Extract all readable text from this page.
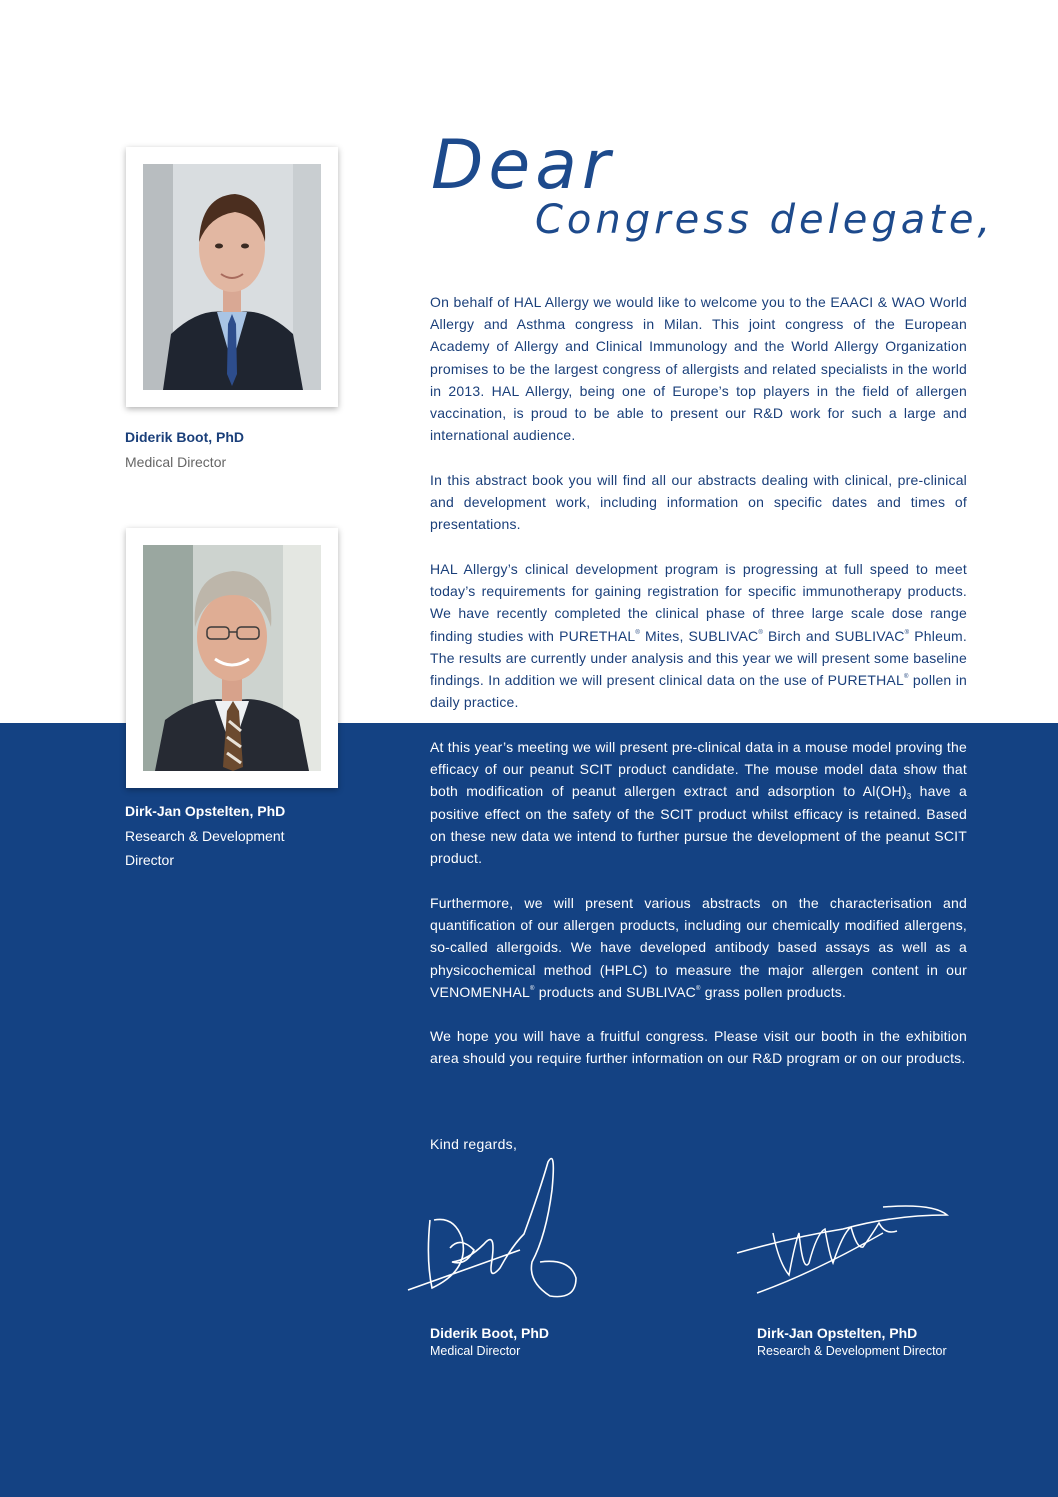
Diderik Boot, PhD
Medical Director
Dirk-Jan Opstelten, PhD
Research & Development
Director
Dear
Congress delegate,

On behalf of HAL Allergy we would like to welcome you to the EAACI & WAO World Allergy and Asthma congress in Milan. This joint congress of the European Academy of Allergy and Clinical Immunology and the World Allergy Organization promises to be the largest congress of allergists and related specialists in the world in 2013. HAL Allergy, being one of Europe’s top players in the field of allergen vaccination, is proud to be able to present our R&D work for such a large and international audience.

In this abstract book you will find all our abstracts dealing with clinical, pre-clinical and development work, including information on specific dates and times of presentations.

HAL Allergy’s clinical development program is progressing at full speed to meet today’s requirements for gaining registration for specific immunotherapy products. We have recently completed the clinical phase of three large scale dose range finding studies with PURETHAL® Mites, SUBLIVAC® Birch and SUBLIVAC® Phleum. The results are currently under analysis and this year we will present some baseline findings. In addition we will present clinical data on the use of PURETHAL® pollen in daily practice.

At this year’s meeting we will present pre-clinical data in a mouse model proving the efficacy of our peanut SCIT product candidate. The mouse model data show that both modification of peanut allergen extract and adsorption to $Al(OH)_3$ have a positive effect on the safety of the SCIT product whilst efficacy is retained. Based on these new data we intend to further pursue the development of the peanut SCIT product.

Furthermore, we will present various abstracts on the characterisation and quantification of our allergen products, including our chemically modified allergens, so-called allergoids. We have developed antibody based assays as well as a physicochemical method (HPLC) to measure the major allergen content in our VENOMENHAL® products and SUBLIVAC® grass pollen products.

We hope you will have a fruitful congress. Please visit our booth in the exhibition area should you require further information on our R&D program or on our products.

Kind regards,
Diderik Boot, PhD
Medical Director
Dirk-Jan Opstelten, PhD
Research & Development Director
